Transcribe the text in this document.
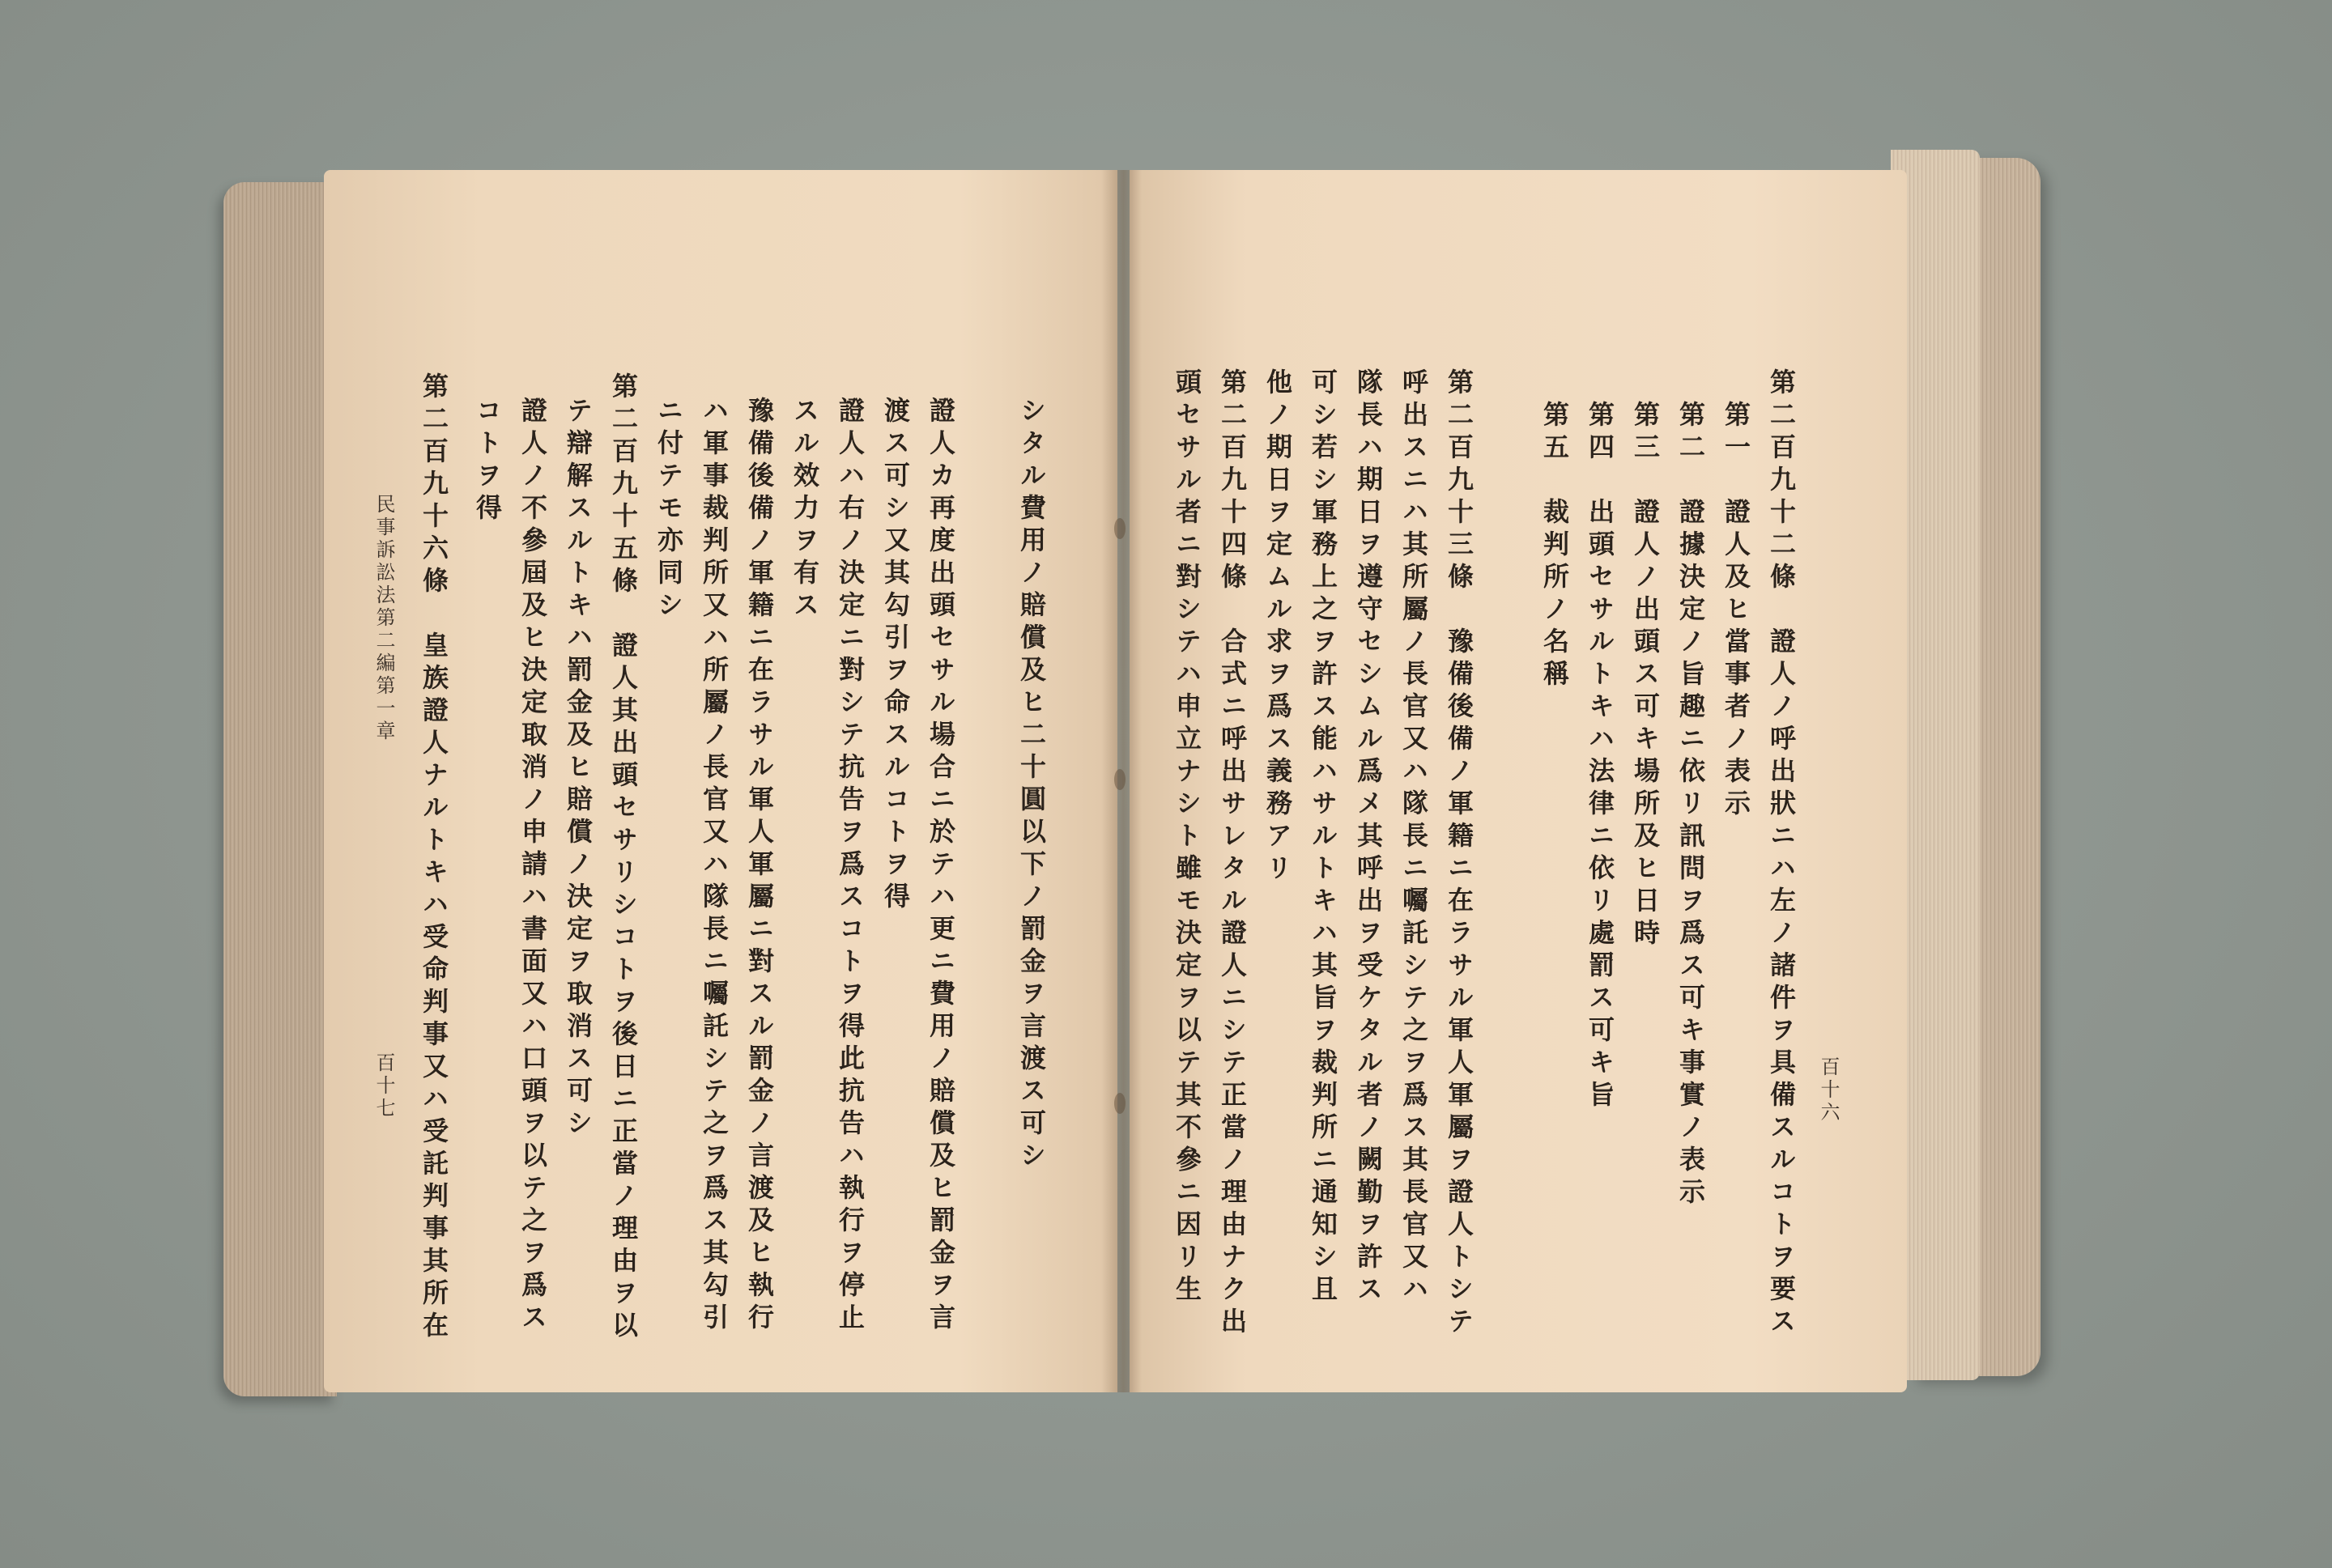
百十六
第二百九十二條　證人ノ呼出狀ニハ左ノ諸件ヲ具備スルコトヲ要ス
　第一　證人及ヒ當事者ノ表示
　第二　證據決定ノ旨趣ニ依リ訊問ヲ爲ス可キ事實ノ表示
　第三　證人ノ出頭ス可キ場所及ヒ日時
　第四　出頭セサルトキハ法律ニ依リ處罰ス可キ旨
　第五　裁判所ノ名稱
第二百九十三條　豫備後備ノ軍籍ニ在ラサル軍人軍屬ヲ證人トシテ
呼出スニハ其所屬ノ長官又ハ隊長ニ囑託シテ之ヲ爲ス其長官又ハ
隊長ハ期日ヲ遵守セシムル爲メ其呼出ヲ受ケタル者ノ闕勤ヲ許ス
可シ若シ軍務上之ヲ許ス能ハサルトキハ其旨ヲ裁判所ニ通知シ且
他ノ期日ヲ定ムル求ヲ爲ス義務アリ
第二百九十四條　合式ニ呼出サレタル證人ニシテ正當ノ理由ナク出
頭セサル者ニ對シテハ申立ナシト雖モ決定ヲ以テ其不參ニ因リ生
シタル費用ノ賠償及ヒ二十圓以下ノ罰金ヲ言渡ス可シ
證人カ再度出頭セサル場合ニ於テハ更ニ費用ノ賠償及ヒ罰金ヲ言
渡ス可シ又其勾引ヲ命スルコトヲ得
證人ハ右ノ決定ニ對シテ抗告ヲ爲スコトヲ得此抗告ハ執行ヲ停止
スル效力ヲ有ス
豫備後備ノ軍籍ニ在ラサル軍人軍屬ニ對スル罰金ノ言渡及ヒ執行
ハ軍事裁判所又ハ所屬ノ長官又ハ隊長ニ囑託シテ之ヲ爲ス其勾引
ニ付テモ亦同シ
第二百九十五條　證人其出頭セサリシコトヲ後日ニ正當ノ理由ヲ以
テ辯解スルトキハ罰金及ヒ賠償ノ決定ヲ取消ス可シ
證人ノ不參屆及ヒ決定取消ノ申請ハ書面又ハ口頭ヲ以テ之ヲ爲ス
コトヲ得
第二百九十六條　皇族證人ナルトキハ受命判事又ハ受託判事其所在
民事訴訟法第二編第一章
百十七
